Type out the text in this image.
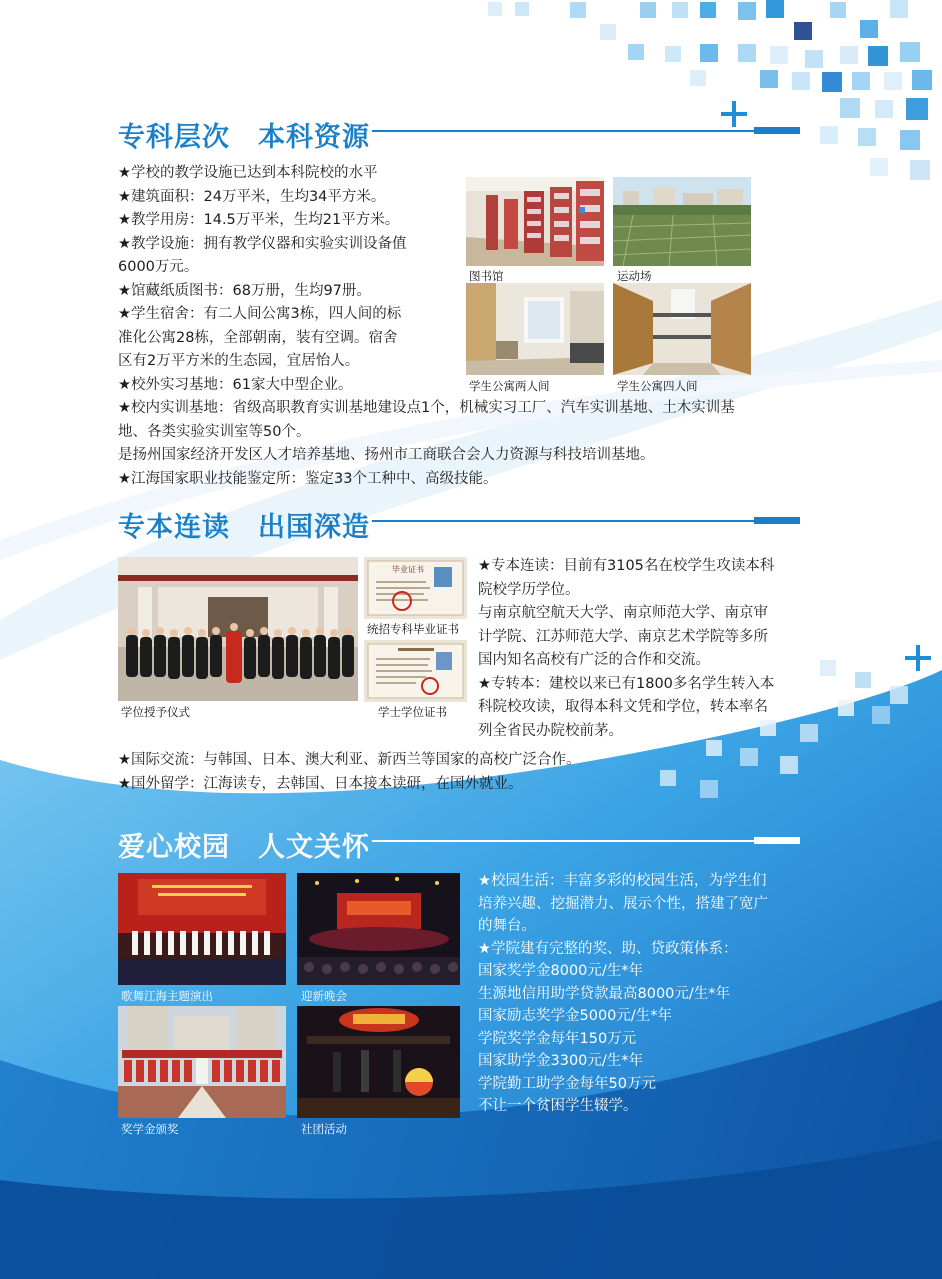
专科层次　本科资源

★学校的教学设施已达到本科院校的水平

★建筑面积：24万平米，生均34平方米。

★教学用房：14.5万平米，生均21平方米。

★教学设施：拥有教学仪器和实验实训设备值

6000万元。

★馆藏纸质图书：68万册，生均97册。

★学生宿舍：有二人间公寓3栋，四人间的标

准化公寓28栋，全部朝南，装有空调。宿舍

区有2万平方米的生态园，宜居怡人。

★校外实习基地：61家大中型企业。

★校内实训基地：省级高职教育实训基地建设点1个，机械实习工厂、汽车实训基地、土木实训基

地、各类实验实训室等50个。

是扬州国家经济开发区人才培养基地、扬州市工商联合会人力资源与科技培训基地。

★江海国家职业技能鉴定所：鉴定33个工种中、高级技能。

图书馆	运动场
学生公寓两人间	学生公寓四人间
专本连读　出国深造
学位授予仪式
毕业证书
统招专科毕业证书
学士学位证书

★专本连读：目前有3105名在校学生攻读本科

院校学历学位。

与南京航空航天大学、南京师范大学、南京审

计学院、江苏师范大学、南京艺术学院等多所

国内知名高校有广泛的合作和交流。

★专转本：建校以来已有1800多名学生转入本

科院校攻读，取得本科文凭和学位，转本率名

列全省民办院校前茅。

★国际交流：与韩国、日本、澳大利亚、新西兰等国家的高校广泛合作。

★国外留学：江海读专，去韩国、日本接本读研，在国外就业。

爱心校园　人文关怀
歌舞江海主题演出	迎新晚会
奖学金颁奖	社团活动

★校园生活：丰富多彩的校园生活，为学生们

培养兴趣、挖掘潜力、展示个性，搭建了宽广

的舞台。

★学院建有完整的奖、助、贷政策体系：

国家奖学金8000元/生*年

生源地信用助学贷款最高8000元/生*年

国家励志奖学金5000元/生*年

学院奖学金每年150万元

国家助学金3300元/生*年

学院勤工助学金每年50万元

不让一个贫困学生辍学。
